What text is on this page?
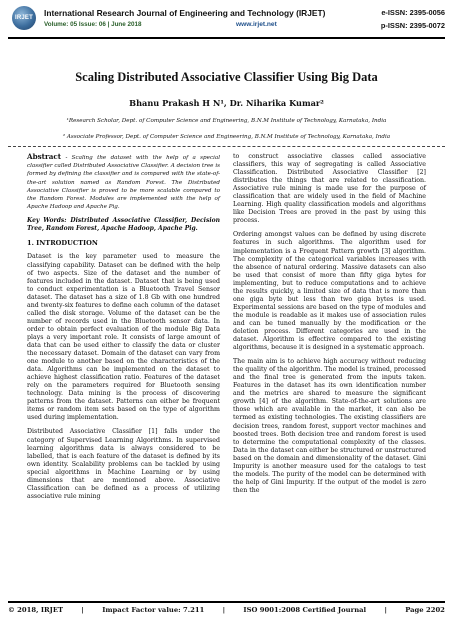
IRJET	International Research Journal of Engineering and Technology (IRJET)	e-ISSN: 2395-0056
Volume: 05 Issue: 06 | June 2018	www.irjet.net	p-ISSN: 2395-0072
Scaling Distributed Associative Classifier Using Big Data
Bhanu Prakash H N¹, Dr. Niharika Kumar²
¹Research Scholar, Dept. of Computer Science and Engineering, B.N.M Institute of Technology, Karnataka, India
² Associate Professor, Dept. of Computer Science and Engineering, B.N.M Institute of Technology, Karnataka, India

Abstract - Scaling the dataset with the help of a special classifier called Distributed Associative Classifier. A decision tree is formed by defining the classifier and is compared with the state-of-the-art solution named as Random Forest. The Distributed Associative Classifier is proved to be more scalable compared to the Random Forest. Modules are implemented with the help of Apache Hadoop and Apache Pig.

Key Words: Distributed Associative Classifier, Decision Tree, Random Forest, Apache Hadoop, Apache Pig.

1. INTRODUCTION

Dataset is the key parameter used to measure the classifying capability. Dataset can be defined with the help of two aspects. Size of the dataset and the number of features included in the dataset. Dataset that is being used to conduct experimentation is a Bluetooth Travel Sensor dataset. The dataset has a size of 1.8 Gb with one hundred and twenty-six features to define each column of the dataset called the disk storage. Volume of the dataset can be the number of records used in the Bluetooth sensor data. In order to obtain perfect evaluation of the module Big Data plays a very important role. It consists of large amount of data that can be used either to classify the data or cluster the necessary dataset. Domain of the dataset can vary from one module to another based on the characteristics of the data. Algorithms can be implemented on the dataset to achieve highest classification ratio. Features of the dataset rely on the parameters required for Bluetooth sensing technology. Data mining is the process of discovering patterns from the dataset. Patterns can either be frequent items or random item sets based on the type of algorithm used during implementation.

Distributed Associative Classifier [1] falls under the category of Supervised Learning Algorithms. In supervised learning algorithms data is always considered to be labelled, that is each feature of the dataset is defined by its own identity. Scalability problems can be tackled by using special algorithms in Machine Learning or by using dimensions that are mentioned above. Associative Classification can be defined as a process of utilizing associative rule mining

to construct associative classes called associative classifiers, this way of segregating is called Associative Classification. Distributed Associative Classifier [2] distributes the things that are related to classification. Associative rule mining is made use for the purpose of classification that are widely used in the field of Machine Learning. High quality classification models and algorithms like Decision Trees are proved in the past by using this process.

Ordering amongst values can be defined by using discrete features in such algorithms. The algorithm used for implementation is a Frequent Pattern growth [3] algorithm. The complexity of the categorical variables increases with the absence of natural ordering. Massive datasets can also be used that consist of more than fifty giga bytes for implementing, but to reduce computations and to achieve the results quickly, a limited size of data that is more than one giga byte but less than two giga bytes is used. Experimental sessions are based on the type of modules and the module is readable as it makes use of association rules and can be tuned manually by the modification or the deletion process. Different categories are used in the dataset. Algorithm is effective compared to the existing algorithms, because it is designed in a systematic approach.

The main aim is to achieve high accuracy without reducing the quality of the algorithm. The model is trained, processed and the final tree is generated from the inputs taken. Features in the dataset has its own identification number and the metrics are shared to measure the significant growth [4] of the algorithm. State-of-the-art solutions are those which are available in the market, it can also be termed as existing technologies. The existing classifiers are decision trees, random forest, support vector machines and boosted trees. Both decision tree and random forest is used to determine the computational complexity of the classes. Data in the dataset can either be structured or unstructured based on the domain and dimensionality of the dataset. Gini Impurity is another measure used for the catalogs to test the models. The purity of the model can be determined with the help of Gini Impurity. If the output of the model is zero then the

© 2018, IRJET	|	Impact Factor value: 7.211	|	ISO 9001:2008 Certified Journal	|	Page 2202
